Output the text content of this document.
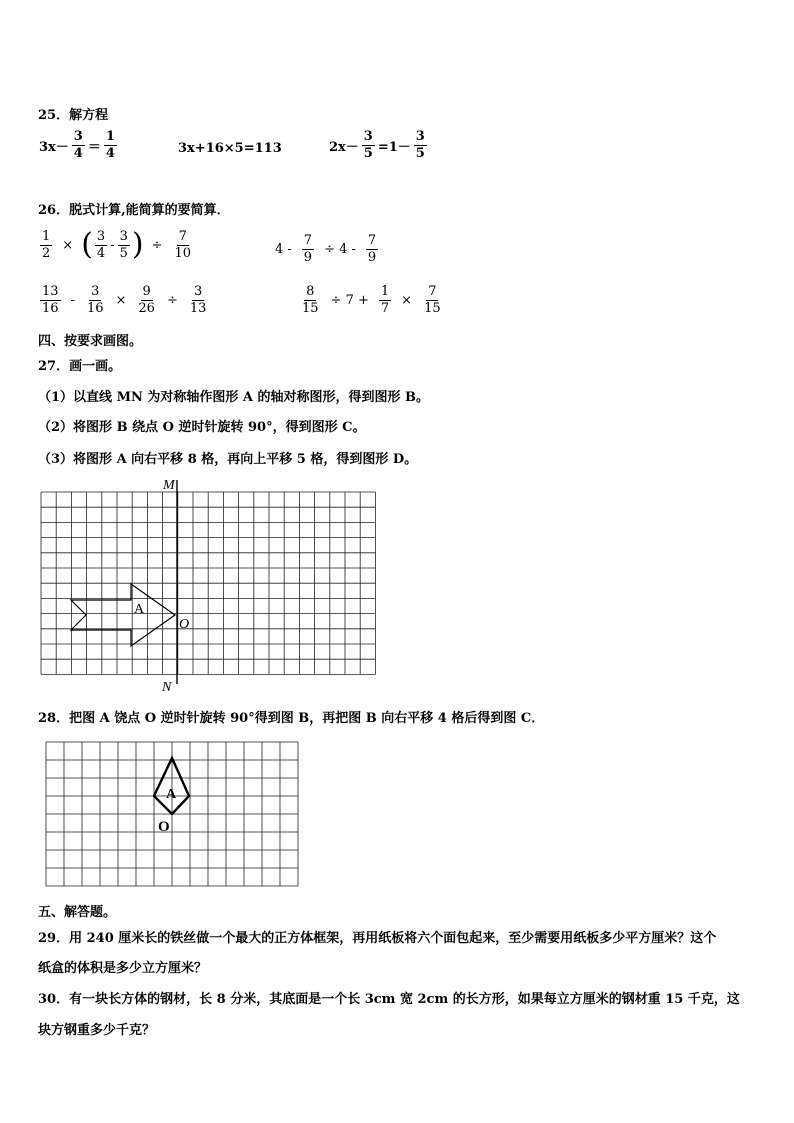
25．解方程
$3x- \frac{3}{4} = \frac{1}{4}$	3x+16×5=113	$2x- \frac{3}{5} =1- \frac{3}{5}$
26．脱式计算,能简算的要简算．
$\frac{1}{2}$ × ( $\frac{3}{4} - \frac{3}{5}$ ) ÷ $\frac{7}{10}$	$4 - \frac{7}{9} \div 4 - \frac{7}{9}$
$\frac{13}{16} - \frac{3}{16} \times \frac{9}{26} \div \frac{3}{13}$	$\frac{8}{15} \div 7 + \frac{1}{7} \times \frac{7}{15}$
四、按要求画图。
27．画一画。
（1）以直线 MN 为对称轴作图形 A 的轴对称图形，得到图形 B。
（2）将图形 B 绕点 O 逆时针旋转 90°，得到图形 C。
（3）将图形 A 向右平移 8 格，再向上平移 5 格，得到图形 D。
M
N
O
A
28．把图 A 饶点 O 逆时针旋转 90°得到图 B，再把图 B 向右平移 4 格后得到图 C．
A
O
五、解答题。
29．用 240 厘米长的铁丝做一个最大的正方体框架，再用纸板将六个面包起来，至少需要用纸板多少平方厘米？这个
纸盒的体积是多少立方厘米？
30．有一块长方体的钢材，长 8 分米，其底面是一个长 3cm 宽 2cm 的长方形，如果每立方厘米的钢材重 15 千克，这
块方钢重多少千克？
